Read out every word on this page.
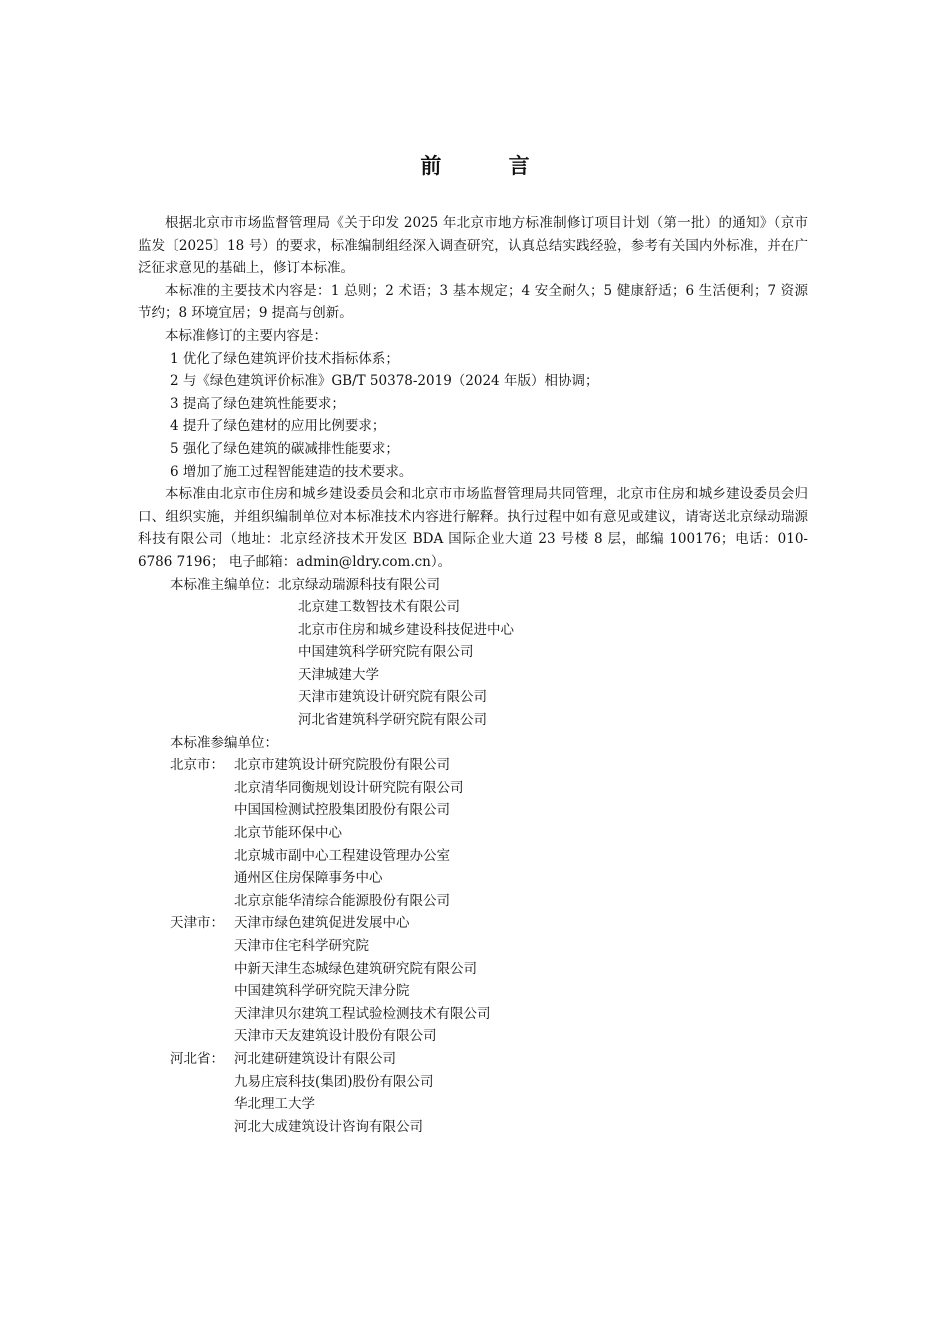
前 言

根据北京市市场监督管理局《关于印发 2025 年北京市地方标准制修订项目计划（第一批）的通知》（京市监发〔2025〕18 号）的要求，标准编制组经深入调查研究，认真总结实践经验，参考有关国内外标准，并在广泛征求意见的基础上，修订本标准。

本标准的主要技术内容是：1 总则；2 术语；3 基本规定；4 安全耐久；5 健康舒适；6 生活便利；7 资源节约；8 环境宜居；9 提高与创新。

本标准修订的主要内容是：

1 优化了绿色建筑评价技术指标体系；

2 与《绿色建筑评价标准》GB/T 50378-2019（2024 年版）相协调；

3 提高了绿色建筑性能要求；

4 提升了绿色建材的应用比例要求；

5 强化了绿色建筑的碳减排性能要求；

6 增加了施工过程智能建造的技术要求。

本标准由北京市住房和城乡建设委员会和北京市市场监督管理局共同管理，北京市住房和城乡建设委员会归口、组织实施，并组织编制单位对本标准技术内容进行解释。执行过程中如有意见或建议，请寄送北京绿动瑞源科技有限公司（地址：北京经济技术开发区 BDA 国际企业大道 23 号楼 8 层，邮编 100176；电话：010-6786 7196； 电子邮箱：admin@ldry.com.cn）。

本标准主编单位： 北京绿动瑞源科技有限公司

北京建工数智技术有限公司

北京市住房和城乡建设科技促进中心

中国建筑科学研究院有限公司

天津城建大学

天津市建筑设计研究院有限公司

河北省建筑科学研究院有限公司

本标准参编单位：
北京市： 北京市建筑设计研究院股份有限公司

北京清华同衡规划设计研究院有限公司

中国国检测试控股集团股份有限公司

北京节能环保中心

北京城市副中心工程建设管理办公室

通州区住房保障事务中心

北京京能华清综合能源股份有限公司

天津市： 天津市绿色建筑促进发展中心

天津市住宅科学研究院

中新天津生态城绿色建筑研究院有限公司

中国建筑科学研究院天津分院

天津津贝尔建筑工程试验检测技术有限公司

天津市天友建筑设计股份有限公司

河北省： 河北建研建筑设计有限公司

九易庄宸科技(集团)股份有限公司

华北理工大学

河北大成建筑设计咨询有限公司
